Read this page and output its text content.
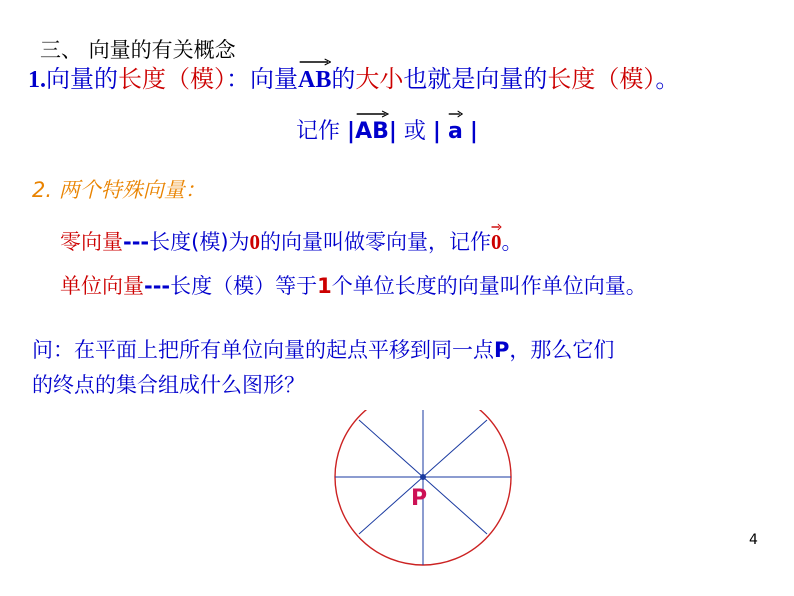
三、 向量的有关概念
1.向量的长度（模）：向量
AB的大小也就是向量的长度（模）。
记作 |
AB| 或 | a |
2. 两个特殊向量：
零向量---长度(模)为0的向量叫做零向量，记作
0。
单位向量---长度（模）等于1个单位长度的向量叫作单位向量。
问：在平面上把所有单位向量的起点平移到同一点P，那么它们
的终点的集合组成什么图形？
P
4
